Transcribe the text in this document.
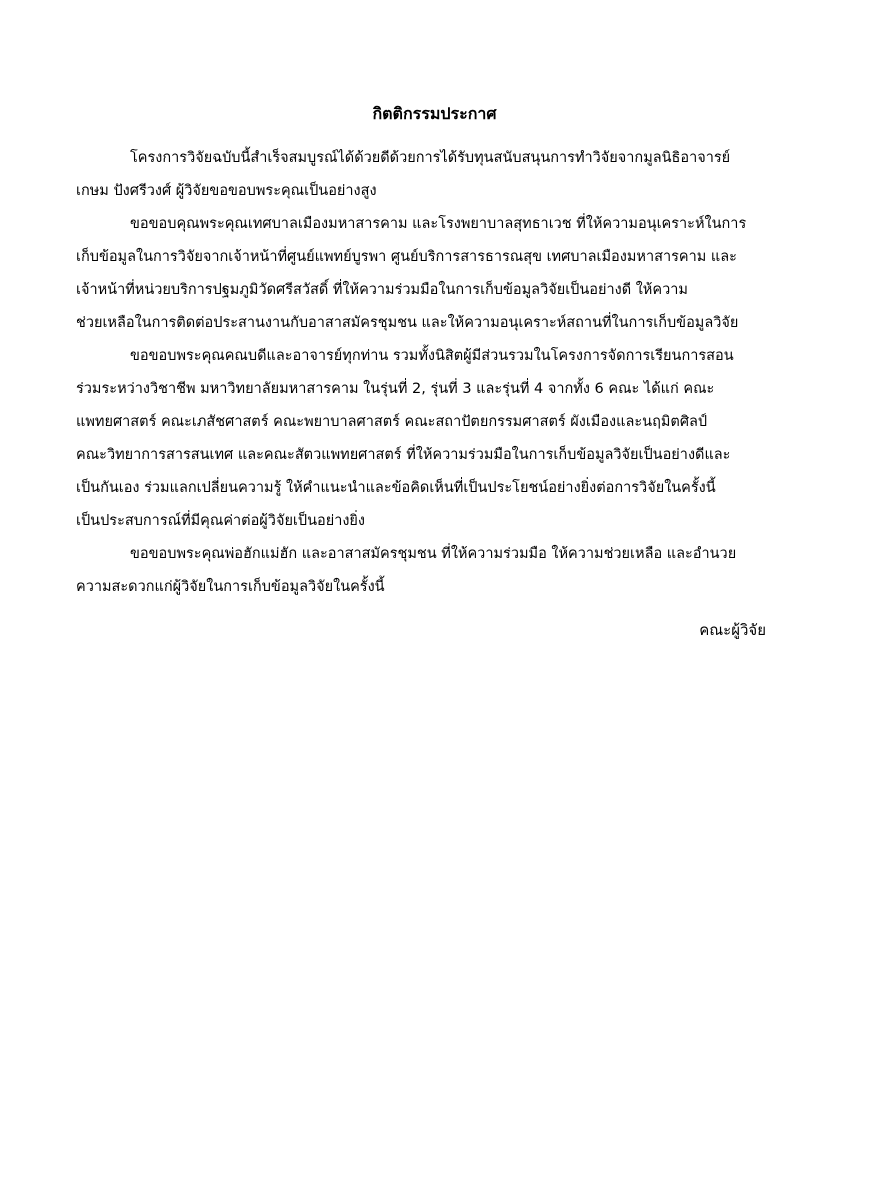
กิตติกรรมประกาศ

โครงการวิจัยฉบับนี้สำเร็จสมบูรณ์ได้ด้วยดีด้วยการได้รับทุนสนับสนุนการทำวิจัยจากมูลนิธิอาจารย์
เกษม ปังศรีวงศ์ ผู้วิจัยขอขอบพระคุณเป็นอย่างสูง

ขอขอบคุณพระคุณเทศบาลเมืองมหาสารคาม และโรงพยาบาลสุทธาเวช ที่ให้ความอนุเคราะห์ในการ
เก็บข้อมูลในการวิจัยจากเจ้าหน้าที่ศูนย์แพทย์บูรพา ศูนย์บริการสารธารณสุข เทศบาลเมืองมหาสารคาม และ
เจ้าหน้าที่หน่วยบริการปฐมภูมิวัดศรีสวัสดิ์ ที่ให้ความร่วมมือในการเก็บข้อมูลวิจัยเป็นอย่างดี ให้ความ
ช่วยเหลือในการติดต่อประสานงานกับอาสาสมัครชุมชน และให้ความอนุเคราะห์สถานที่ในการเก็บข้อมูลวิจัย

ขอขอบพระคุณคณบดีและอาจารย์ทุกท่าน รวมทั้งนิสิตผู้มีส่วนรวมในโครงการจัดการเรียนการสอน
ร่วมระหว่างวิชาชีพ มหาวิทยาลัยมหาสารคาม ในรุ่นที่ 2, รุ่นที่ 3 และรุ่นที่ 4 จากทั้ง 6 คณะ ได้แก่ คณะ
แพทยศาสตร์ คณะเภสัชศาสตร์ คณะพยาบาลศาสตร์ คณะสถาปัตยกรรมศาสตร์ ผังเมืองและนฤมิตศิลป์
คณะวิทยาการสารสนเทศ และคณะสัตวแพทยศาสตร์ ที่ให้ความร่วมมือในการเก็บข้อมูลวิจัยเป็นอย่างดีและ
เป็นกันเอง ร่วมแลกเปลี่ยนความรู้ ให้คำแนะนำและข้อคิดเห็นที่เป็นประโยชน์อย่างยิ่งต่อการวิจัยในครั้งนี้
เป็นประสบการณ์ที่มีคุณค่าต่อผู้วิจัยเป็นอย่างยิ่ง

ขอขอบพระคุณพ่อฮักแม่ฮัก และอาสาสมัครชุมชน ที่ให้ความร่วมมือ ให้ความช่วยเหลือ และอำนวย
ความสะดวกแก่ผู้วิจัยในการเก็บข้อมูลวิจัยในครั้งนี้

คณะผู้วิจัย
